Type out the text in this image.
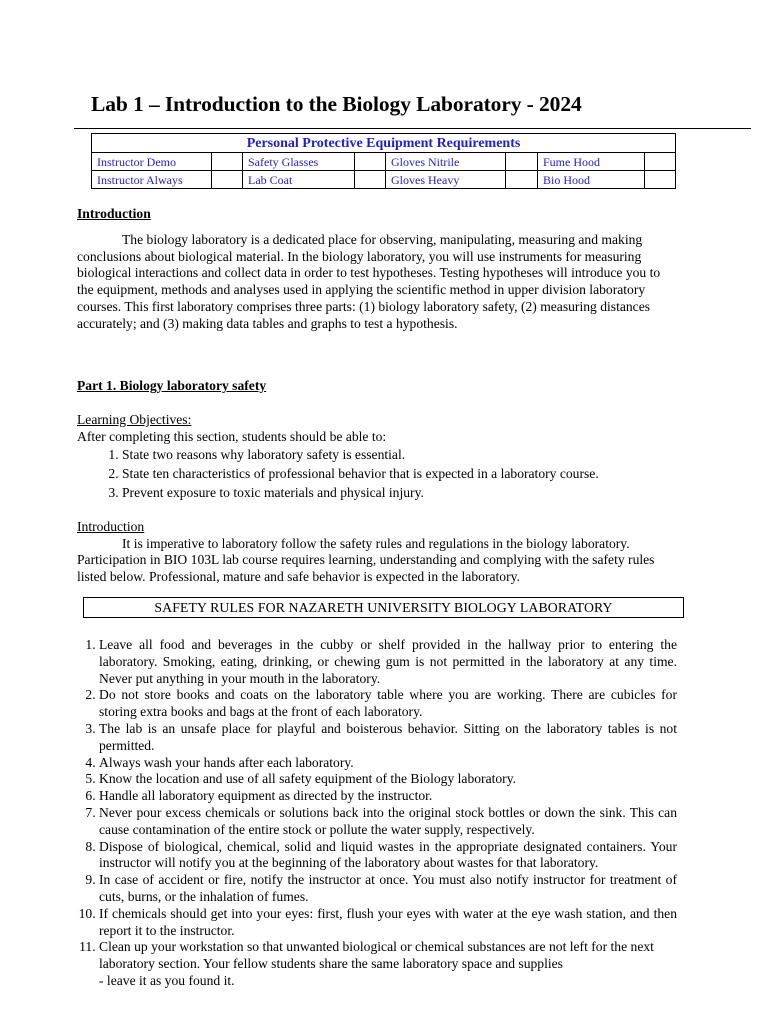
Lab 1 – Introduction to the Biology Laboratory - 2024
Personal Protective Equipment Requirements							
Instructor Demo		Safety Glasses		Gloves Nitrile		Fume Hood	
Instructor Always		Lab Coat		Gloves Heavy		Bio Hood	

Introduction

The biology laboratory is a dedicated place for observing, manipulating, measuring and making conclusions about biological material. In the biology laboratory, you will use instruments for measuring biological interactions and collect data in order to test hypotheses. Testing hypotheses will introduce you to the equipment, methods and analyses used in applying the scientific method in upper division laboratory courses. This first laboratory comprises three parts: (1) biology laboratory safety, (2) measuring distances accurately; and (3) making data tables and graphs to test a hypothesis.

Part 1. Biology laboratory safety

Learning Objectives:

After completing this section, students should be able to:

1. State two reasons why laboratory safety is essential.
2. State ten characteristics of professional behavior that is expected in a laboratory course.
3. Prevent exposure to toxic materials and physical injury.

Introduction

It is imperative to laboratory follow the safety rules and regulations in the biology laboratory. Participation in BIO 103L lab course requires learning, understanding and complying with the safety rules listed below. Professional, mature and safe behavior is expected in the laboratory.

SAFETY RULES FOR NAZARETH UNIVERSITY BIOLOGY LABORATORY
1. Leave all food and beverages in the cubby or shelf provided in the hallway prior to entering the laboratory. Smoking, eating, drinking, or chewing gum is not permitted in the laboratory at any time. Never put anything in your mouth in the laboratory.
2. Do not store books and coats on the laboratory table where you are working. There are cubicles for storing extra books and bags at the front of each laboratory.
3. The lab is an unsafe place for playful and boisterous behavior. Sitting on the laboratory tables is not permitted.
4. Always wash your hands after each laboratory.
5. Know the location and use of all safety equipment of the Biology laboratory.
6. Handle all laboratory equipment as directed by the instructor.
7. Never pour excess chemicals or solutions back into the original stock bottles or down the sink. This can cause contamination of the entire stock or pollute the water supply, respectively.
8. Dispose of biological, chemical, solid and liquid wastes in the appropriate designated containers. Your instructor will notify you at the beginning of the laboratory about wastes for that laboratory.
9. In case of accident or fire, notify the instructor at once. You must also notify instructor for treatment of cuts, burns, or the inhalation of fumes.
10. If chemicals should get into your eyes: first, flush your eyes with water at the eye wash station, and then report it to the instructor.
11. Clean up your workstation so that unwanted biological or chemical substances are not left for the next laboratory section. Your fellow students share the same laboratory space and supplies
- leave it as you found it.
